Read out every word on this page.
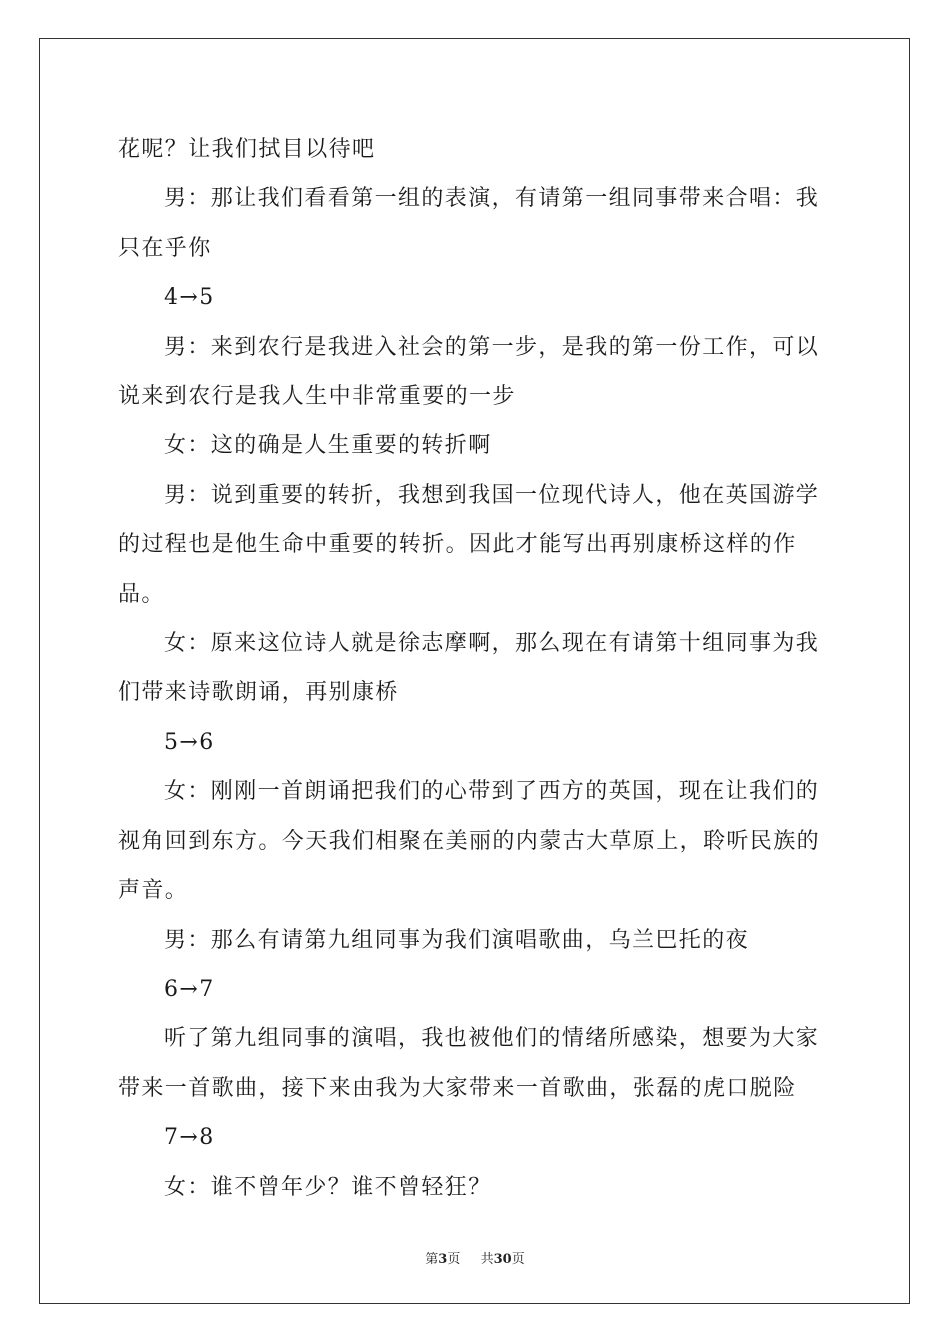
花呢？让我们拭目以待吧

男：那让我们看看第一组的表演，有请第一组同事带来合唱：我只在乎你

4→5

男：来到农行是我进入社会的第一步，是我的第一份工作，可以说来到农行是我人生中非常重要的一步

女：这的确是人生重要的转折啊

男：说到重要的转折，我想到我国一位现代诗人，他在英国游学的过程也是他生命中重要的转折。因此才能写出再别康桥这样的作品。

女：原来这位诗人就是徐志摩啊，那么现在有请第十组同事为我们带来诗歌朗诵，再别康桥

5→6

女：刚刚一首朗诵把我们的心带到了西方的英国，现在让我们的视角回到东方。今天我们相聚在美丽的内蒙古大草原上，聆听民族的声音。

男：那么有请第九组同事为我们演唱歌曲，乌兰巴托的夜

6→7

听了第九组同事的演唱，我也被他们的情绪所感染，想要为大家带来一首歌曲，接下来由我为大家带来一首歌曲，张磊的虎口脱险

7→8

女：谁不曾年少？谁不曾轻狂？

第3页 共30页
